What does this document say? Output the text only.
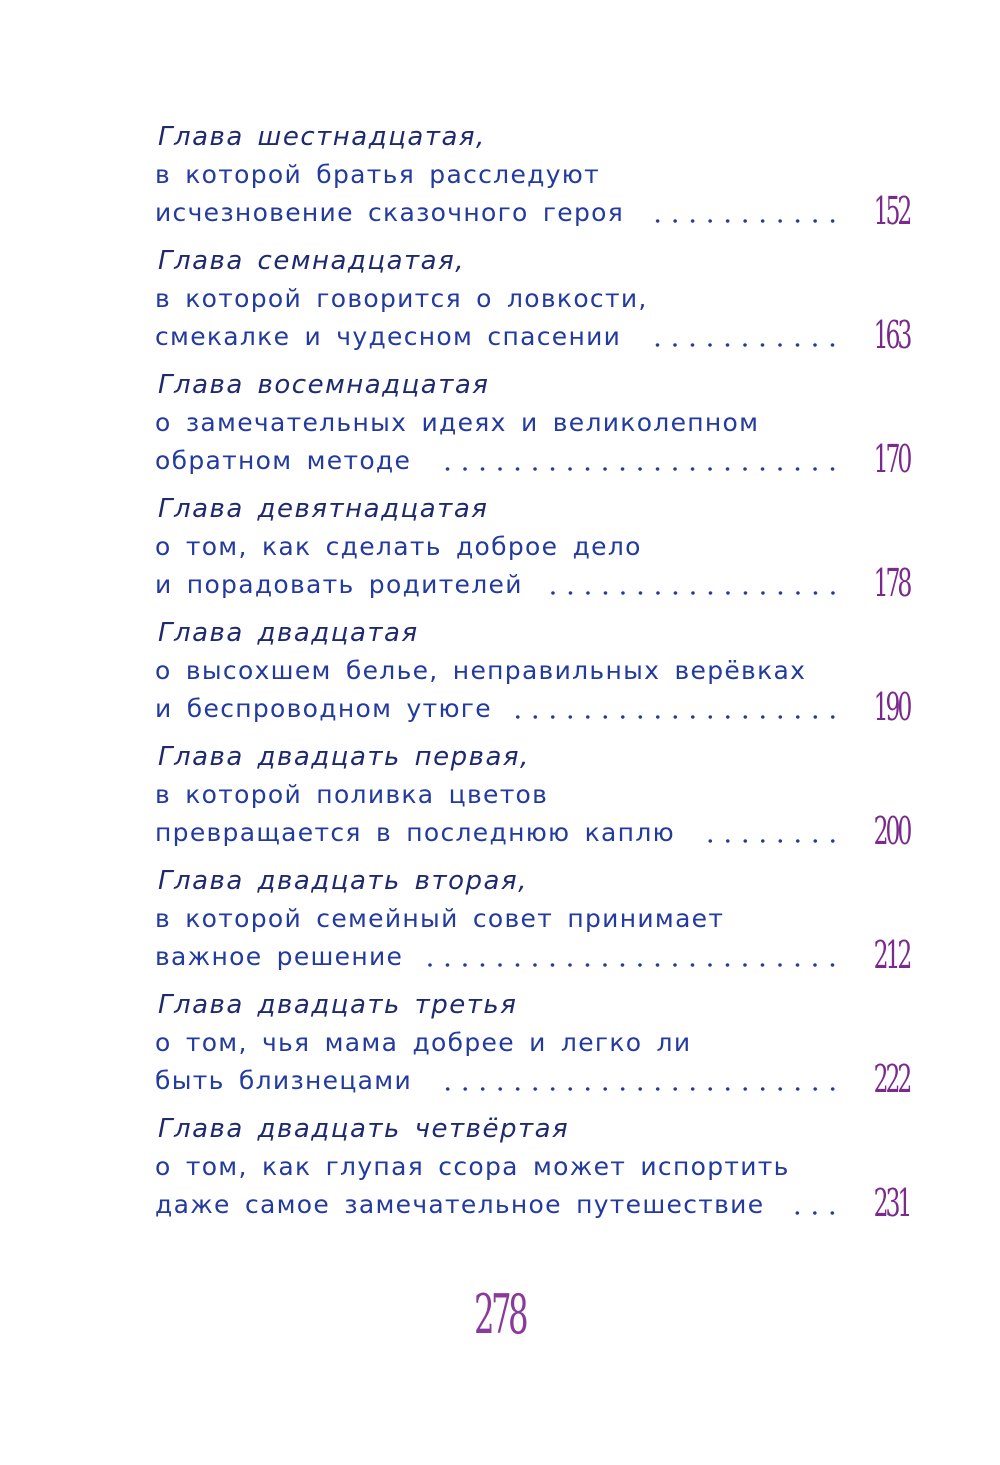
Глава шестнадцатая,
в которой братья расследуют
исчезновение сказочного героя	152
Глава семнадцатая,
в которой говорится о ловкости,
смекалке и чудесном спасении	163
Глава восемнадцатая
о замечательных идеях и великолепном
обратном методе	170
Глава девятнадцатая
о том, как сделать доброе дело
и порадовать родителей	178
Глава двадцатая
о высохшем белье, неправильных верёвках
и беспроводном утюге	190
Глава двадцать первая,
в которой поливка цветов
превращается в последнюю каплю	200
Глава двадцать вторая,
в которой семейный совет принимает
важное решение	212
Глава двадцать третья
о том, чья мама добрее и легко ли
быть близнецами	222
Глава двадцать четвёртая
о том, как глупая ссора может испортить
даже самое замечательное путешествие	231
278
